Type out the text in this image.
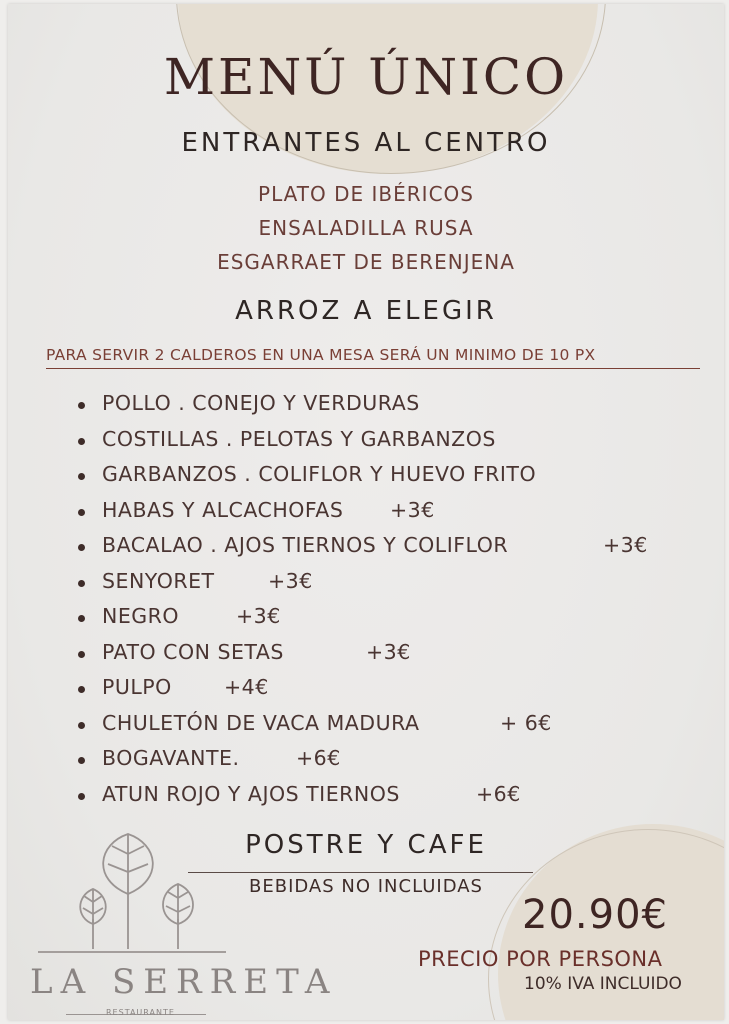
MENÚ ÚNICO
ENTRANTES AL CENTRO
PLATO DE IBÉRICOS
ENSALADILLA RUSA
ESGARRAET DE BERENJENA
ARROZ A ELEGIR
PARA SERVIR 2 CALDEROS EN UNA MESA SERÁ UN MINIMO DE 10 PX
POLLO . CONEJO Y VERDURAS
COSTILLAS . PELOTAS Y GARBANZOS
GARBANZOS . COLIFLOR Y HUEVO FRITO
HABAS Y ALCACHOFAS +3€
BACALAO . AJOS TIERNOS Y COLIFLOR	+3€
SENYORET	+3€
NEGRO	+3€
PATO CON SETAS	+3€
PULPO	+4€
CHULETÓN DE VACA MADURA	+ 6€
BOGAVANTE.	+6€
ATUN ROJO Y AJOS TIERNOS	+6€
POSTRE Y CAFE
BEBIDAS NO INCLUIDAS
20.90€
PRECIO POR PERSONA
10% IVA INCLUIDO
LA SERRETA
RESTAURANTE
